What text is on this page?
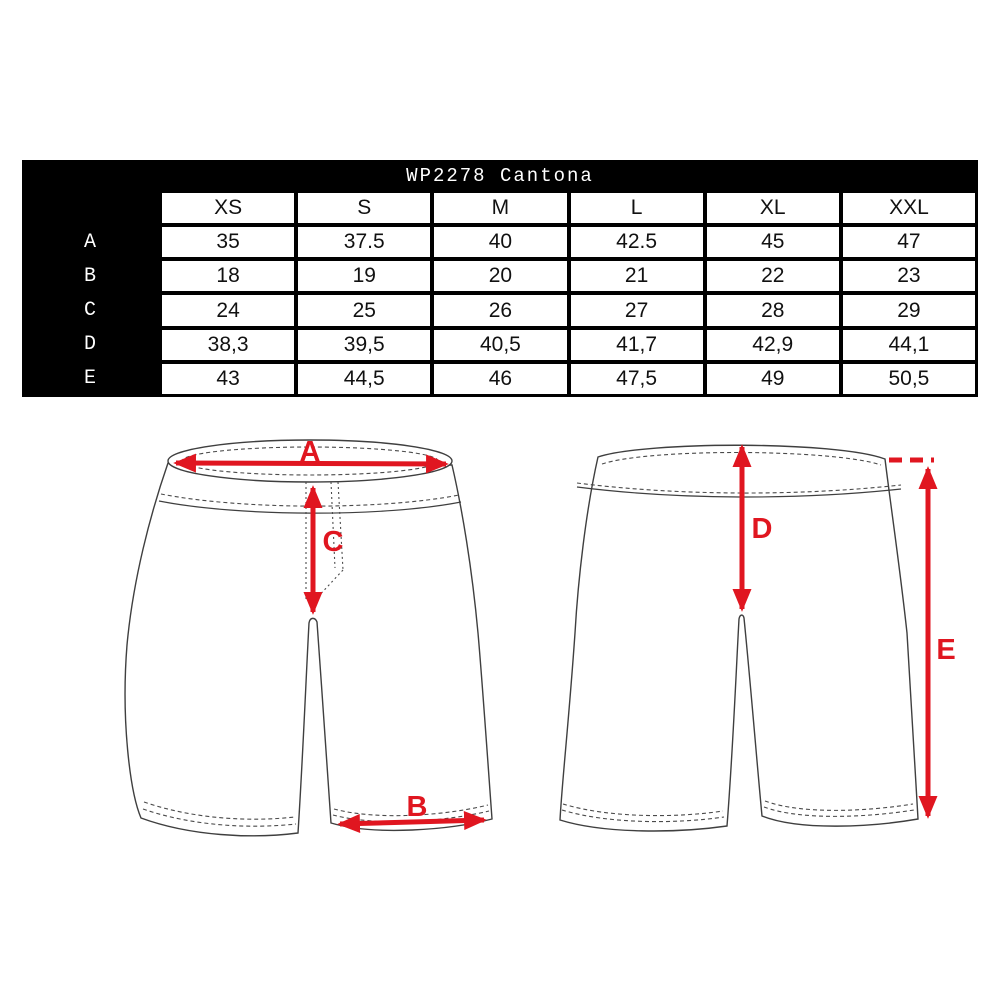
WP2278 Cantona
XS	S	M	L	XL	XXL
A	35	37.5	40	42.5	45	47
B	18	19	20	21	22	23
C	24	25	26	27	28	29
D	38,3	39,5	40,5	41,7	42,9	44,1
E	43	44,5	46	47,5	49	50,5
A
C
B
D
E
